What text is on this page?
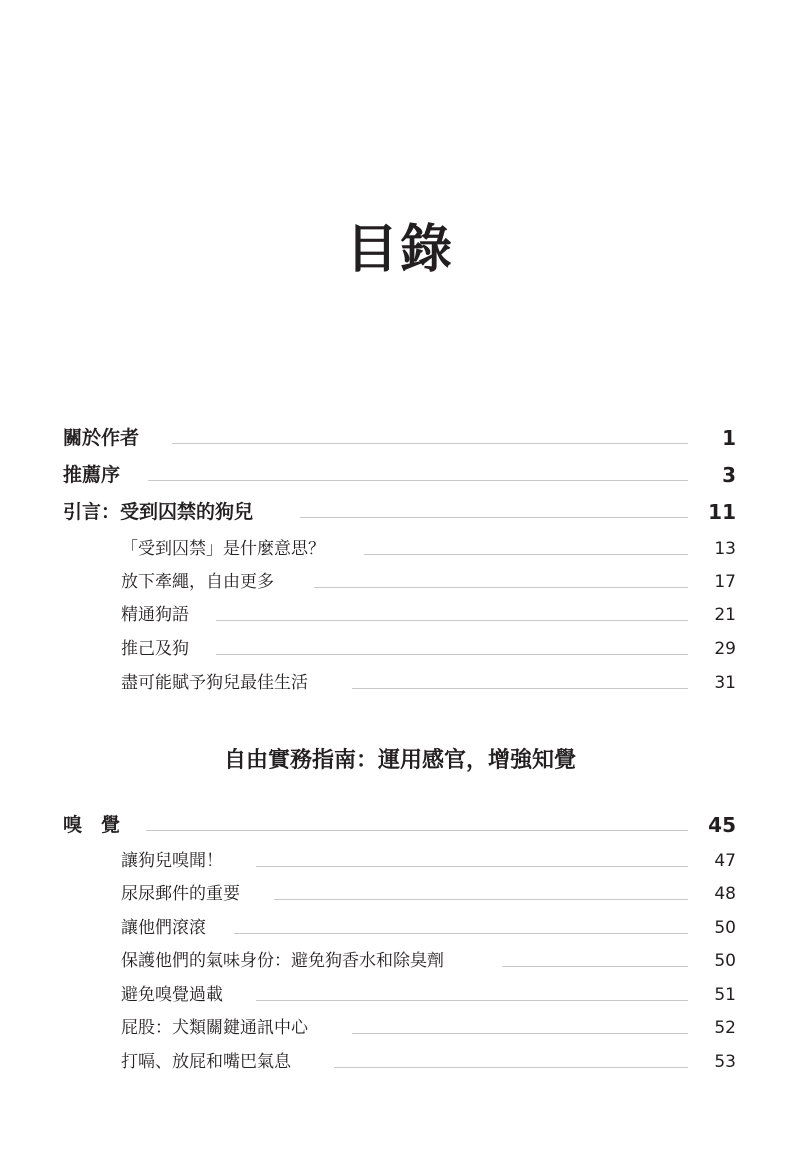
目錄
關於作者	1
推薦序	3
引言：受到囚禁的狗兒	11
「受到囚禁」是什麼意思？	13
放下牽繩，自由更多	17
精通狗語	21
推己及狗	29
盡可能賦予狗兒最佳生活	31
自由實務指南：運用感官，增強知覺
嗅　覺	45
讓狗兒嗅聞！	47
尿尿郵件的重要	48
讓他們滾滾	50
保護他們的氣味身份：避免狗香水和除臭劑	50
避免嗅覺過載	51
屁股：犬類關鍵通訊中心	52
打嗝、放屁和嘴巴氣息	53
